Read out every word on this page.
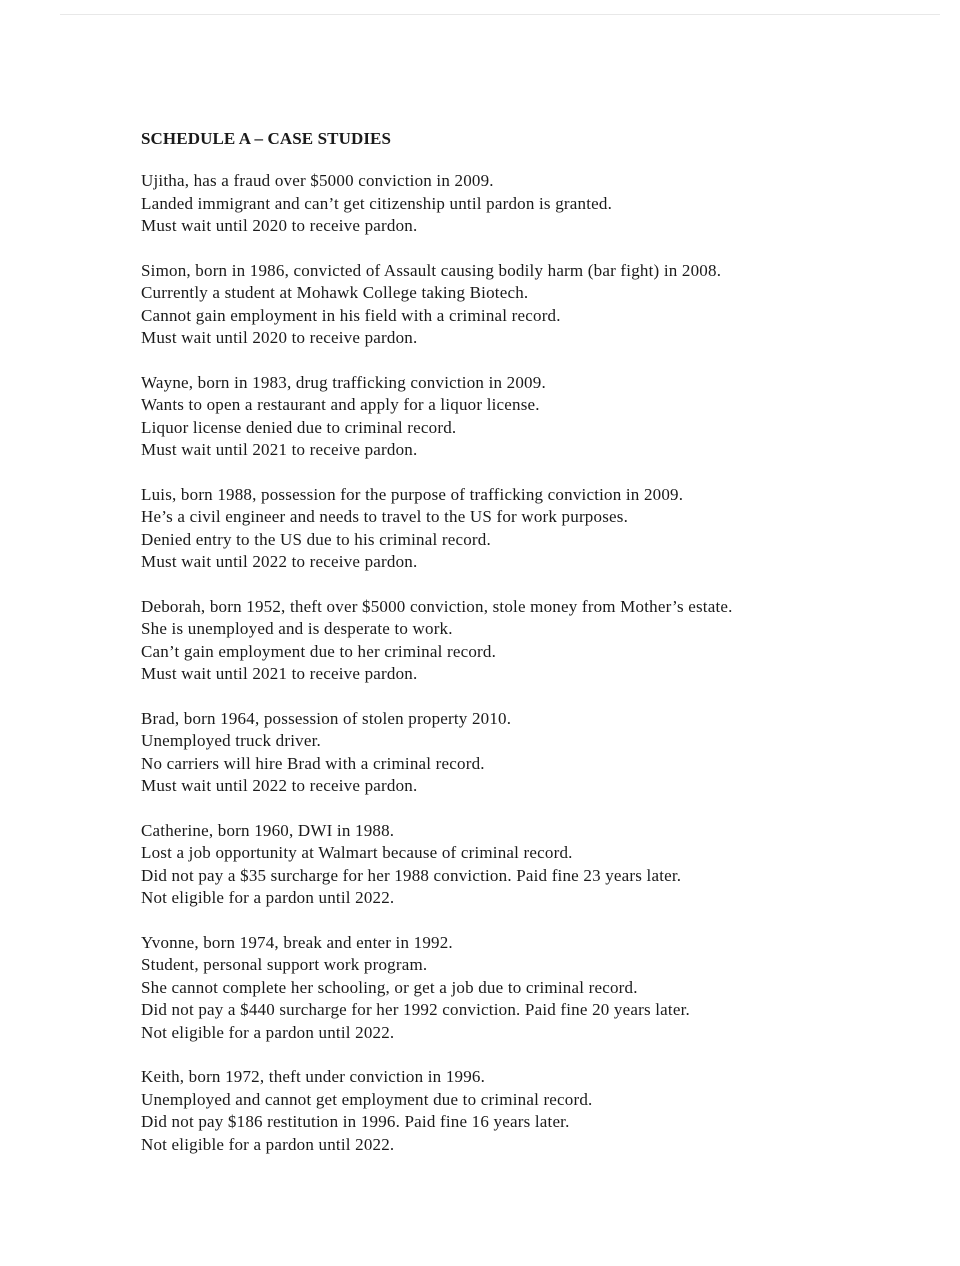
SCHEDULE A – CASE STUDIES
Ujitha, has a fraud over $5000 conviction in 2009.
Landed immigrant and can’t get citizenship until pardon is granted.
Must wait until 2020 to receive pardon.
Simon, born in 1986, convicted of Assault causing bodily harm (bar fight) in 2008.
Currently a student at Mohawk College taking Biotech.
Cannot gain employment in his field with a criminal record.
Must wait until 2020 to receive pardon.
Wayne, born in 1983, drug trafficking conviction in 2009.
Wants to open a restaurant and apply for a liquor license.
Liquor license denied due to criminal record.
Must wait until 2021 to receive pardon.
Luis, born 1988, possession for the purpose of trafficking conviction in 2009.
He’s a civil engineer and needs to travel to the US for work purposes.
Denied entry to the US due to his criminal record.
Must wait until 2022 to receive pardon.
Deborah, born 1952, theft over $5000 conviction, stole money from Mother’s estate.
She is unemployed and is desperate to work.
Can’t gain employment due to her criminal record.
Must wait until 2021 to receive pardon.
Brad, born 1964, possession of stolen property 2010.
Unemployed truck driver.
No carriers will hire Brad with a criminal record.
Must wait until 2022 to receive pardon.
Catherine, born 1960, DWI in 1988.
Lost a job opportunity at Walmart because of criminal record.
Did not pay a $35 surcharge for her 1988 conviction. Paid fine 23 years later.
Not eligible for a pardon until 2022.
Yvonne, born 1974, break and enter in 1992.
Student, personal support work program.
She cannot complete her schooling, or get a job due to criminal record.
Did not pay a $440 surcharge for her 1992 conviction. Paid fine 20 years later.
Not eligible for a pardon until 2022.
Keith, born 1972, theft under conviction in 1996.
Unemployed and cannot get employment due to criminal record.
Did not pay $186 restitution in 1996. Paid fine 16 years later.
Not eligible for a pardon until 2022.
